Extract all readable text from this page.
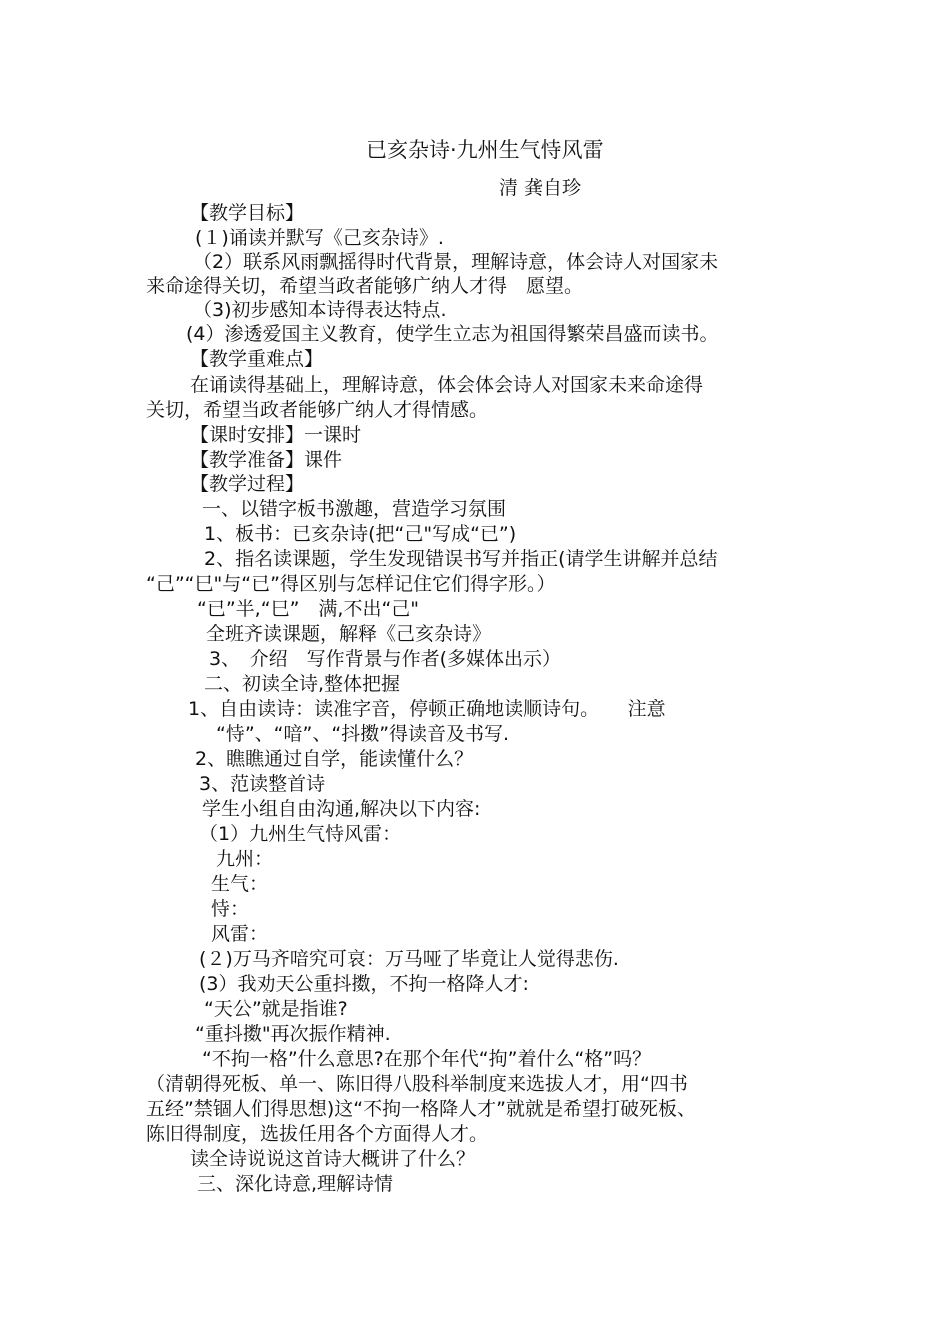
已亥杂诗·九州生气恃风雷
清 龚自珍
【教学目标】
(１)诵读并默写《己亥杂诗》.
（2）联系风雨飘摇得时代背景，理解诗意，体会诗人对国家未
来命途得关切，希望当政者能够广纳人才得　愿望。
（3)初步感知本诗得表达特点.
(4）渗透爱国主义教育，使学生立志为祖国得繁荣昌盛而读书。
【教学重难点】
在诵读得基础上，理解诗意，体会体会诗人对国家未来命途得
关切，希望当政者能够广纳人才得情感。
【课时安排】一课时
【教学准备】课件
【教学过程】
一、以错字板书激趣，营造学习氛围
1、板书：已亥杂诗(把“己"写成“已”)
2、指名读课题，学生发现错误书写并指正(请学生讲解并总结
“己”“巳"与“已”得区别与怎样记住它们得字形。）
“已”半,“巳”　满,不出“己"
全班齐读课题，解释《己亥杂诗》
3、　介绍　写作背景与作者(多媒体出示）
二、初读全诗,整体把握
1、自由读诗：读准字音，停顿正确地读顺诗句。　　注意
“恃”、“喑”、“抖擞”得读音及书写.
2、瞧瞧通过自学，能读懂什么？
3、范读整首诗
学生小组自由沟通,解决以下内容:
（1）九州生气恃风雷：
九州：
生气：
恃：
风雷：
(２)万马齐喑究可哀：万马哑了毕竟让人觉得悲伤.
(3）我劝天公重抖擞，不拘一格降人才:
“天公”就是指谁?
“重抖擞"再次振作精神.
“不拘一格”什么意思?在那个年代“拘”着什么“格”吗？
（清朝得死板、单一、陈旧得八股科举制度来选拔人才，用“四书
五经”禁锢人们得思想)这“不拘一格降人才”就就是希望打破死板、
陈旧得制度，选拔任用各个方面得人才。
读全诗说说这首诗大概讲了什么？
三、深化诗意,理解诗情
